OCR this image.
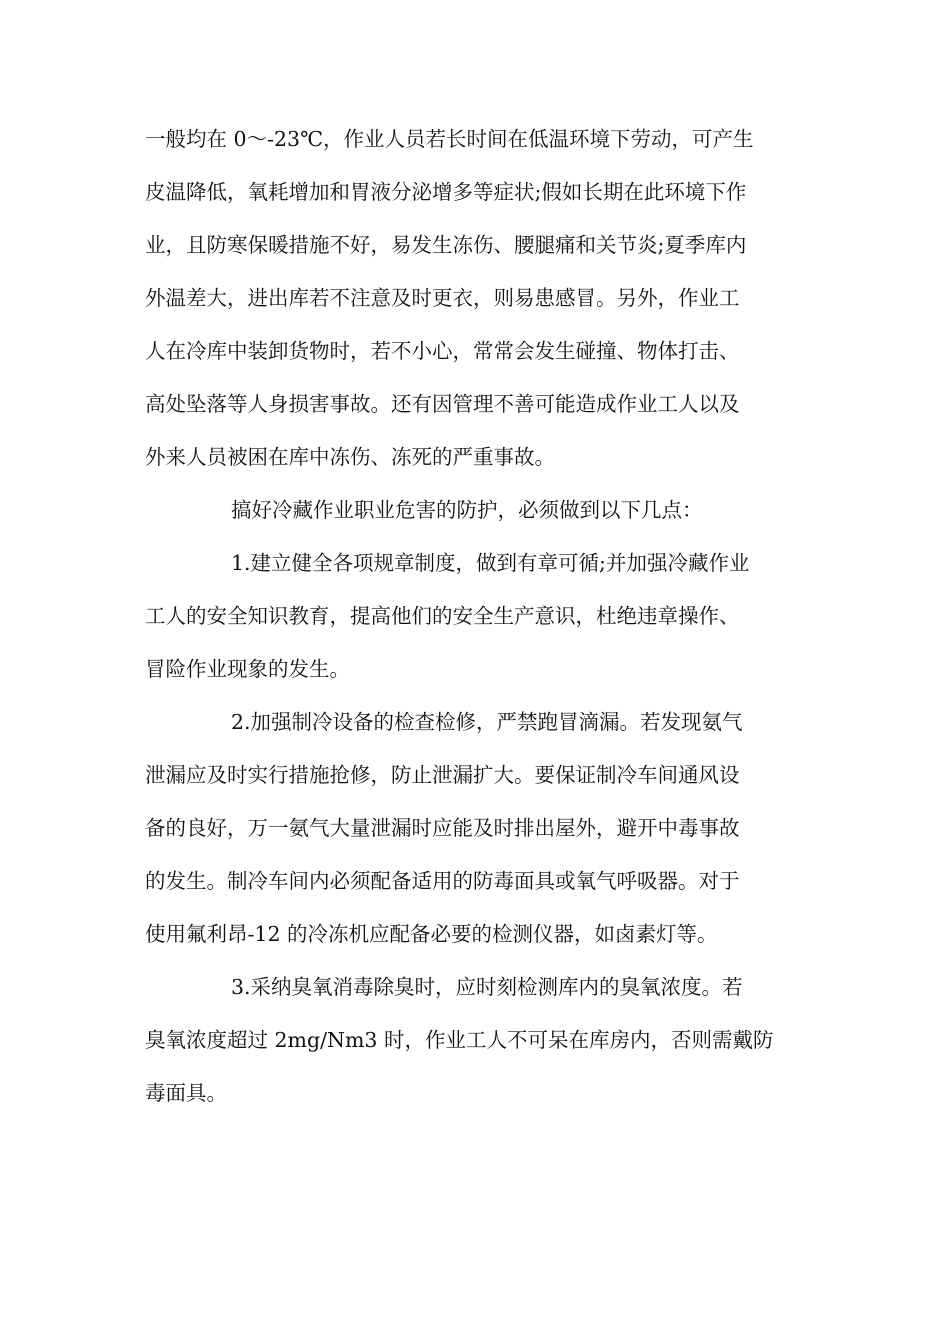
一般均在 0～-23℃，作业人员若长时间在低温环境下劳动，可产生
皮温降低，氧耗增加和胃液分泌增多等症状;假如长期在此环境下作
业，且防寒保暖措施不好，易发生冻伤、腰腿痛和关节炎;夏季库内
外温差大，进出库若不注意及时更衣，则易患感冒。另外，作业工
人在冷库中装卸货物时，若不小心，常常会发生碰撞、物体打击、
高处坠落等人身损害事故。还有因管理不善可能造成作业工人以及
外来人员被困在库中冻伤、冻死的严重事故。
搞好冷藏作业职业危害的防护，必须做到以下几点：
1.建立健全各项规章制度，做到有章可循;并加强冷藏作业
工人的安全知识教育，提高他们的安全生产意识，杜绝违章操作、
冒险作业现象的发生。
2.加强制冷设备的检查检修，严禁跑冒滴漏。若发现氨气
泄漏应及时实行措施抢修，防止泄漏扩大。要保证制冷车间通风设
备的良好，万一氨气大量泄漏时应能及时排出屋外，避开中毒事故
的发生。制冷车间内必须配备适用的防毒面具或氧气呼吸器。对于
使用氟利昂-12 的冷冻机应配备必要的检测仪器，如卤素灯等。
3.采纳臭氧消毒除臭时，应时刻检测库内的臭氧浓度。若
臭氧浓度超过 2mg/Nm3 时，作业工人不可呆在库房内，否则需戴防
毒面具。
